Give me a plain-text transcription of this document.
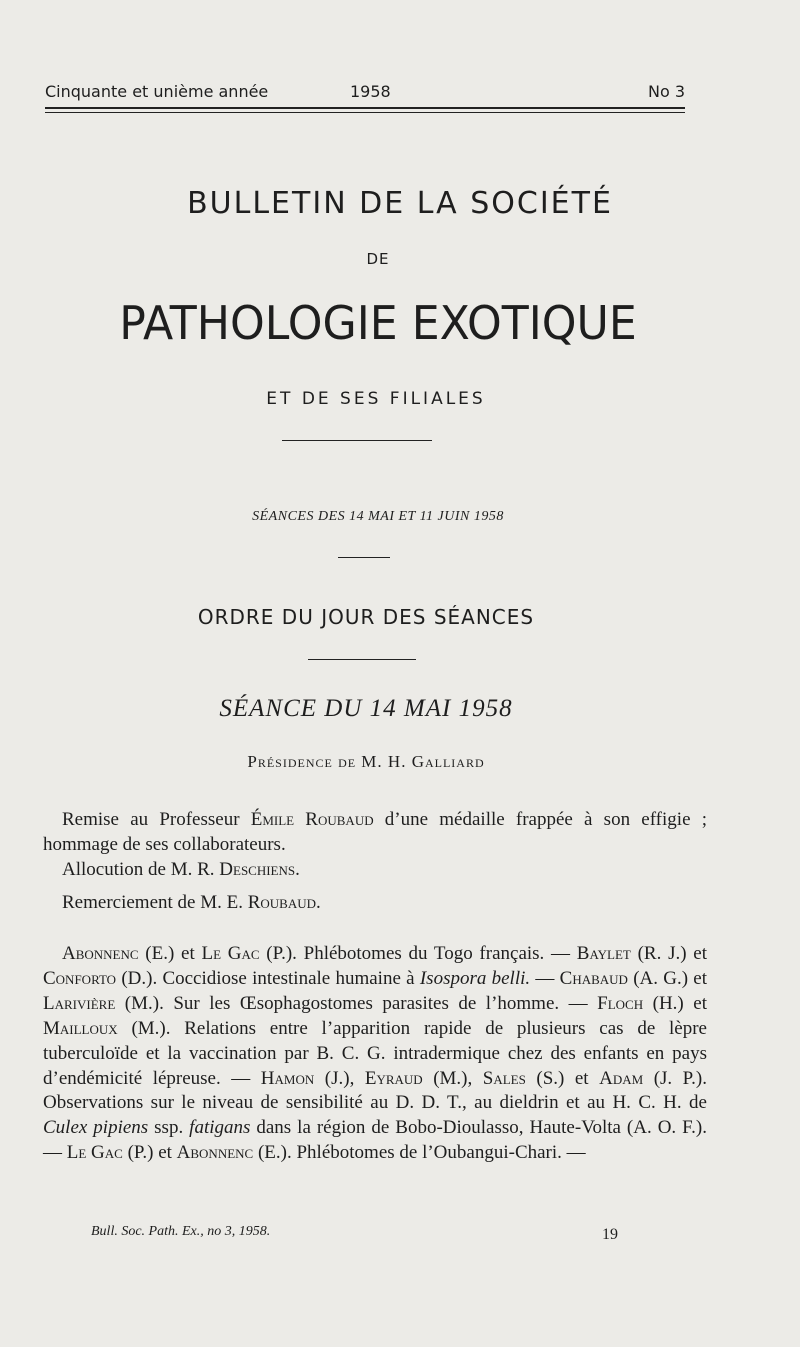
Cinquante et unième année	1958	No 3
BULLETIN DE LA SOCIÉTÉ
DE
PATHOLOGIE EXOTIQUE
ET DE SES FILIALES
SÉANCES DES 14 MAI ET 11 JUIN 1958
ORDRE DU JOUR DES SÉANCES
SÉANCE DU 14 MAI 1958
Présidence de M. H. Galliard
Remise au Professeur Émile Roubaud d’une médaille frappée à son effigie ; hommage de ses collaborateurs.
Allocution de M. R. Deschiens.
Remerciement de M. E. Roubaud.
Abonnenc (E.) et Le Gac (P.). Phlébotomes du Togo français. — Baylet (R. J.) et Conforto (D.). Coccidiose intestinale humaine à Isospora belli. — Chabaud (A. G.) et Larivière (M.). Sur les Œsophagostomes parasites de l’homme. — Floch (H.) et Mailloux (M.). Relations entre l’apparition rapide de plusieurs cas de lèpre tuberculoïde et la vaccination par B. C. G. intradermique chez des enfants en pays d’endémicité lépreuse. — Hamon (J.), Eyraud (M.), Sales (S.) et Adam (J. P.). Observations sur le niveau de sensibilité au D. D. T., au dieldrin et au H. C. H. de Culex pipiens ssp. fatigans dans la région de Bobo-Dioulasso, Haute-Volta (A. O. F.). — Le Gac (P.) et Abonnenc (E.). Phlébotomes de l’Oubangui-Chari. —
Bull. Soc. Path. Ex., no 3, 1958.	19
